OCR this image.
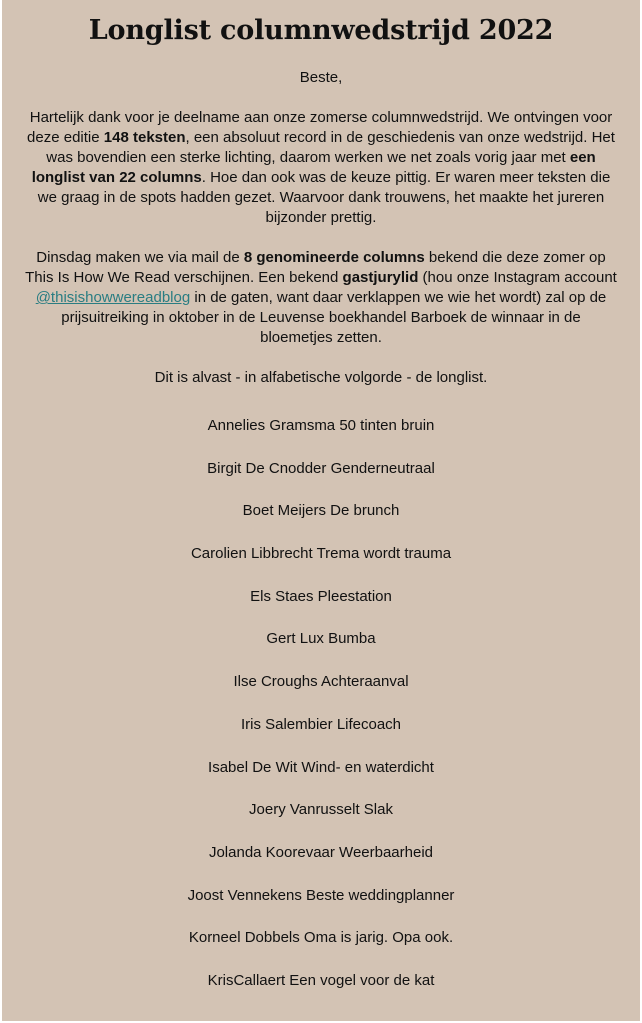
Longlist columnwedstrijd 2022

Beste,

Hartelijk dank voor je deelname aan onze zomerse columnwedstrijd. We ontvingen voor deze editie 148 teksten, een absoluut record in de geschiedenis van onze wedstrijd. Het was bovendien een sterke lichting, daarom werken we net zoals vorig jaar met een longlist van 22 columns. Hoe dan ook was de keuze pittig. Er waren meer teksten die we graag in de spots hadden gezet. Waarvoor dank trouwens, het maakte het jureren bijzonder prettig.

Dinsdag maken we via mail de 8 genomineerde columns bekend die deze zomer op This Is How We Read verschijnen. Een bekend gastjurylid (hou onze Instagram account @thisishowwereadblog in de gaten, want daar verklappen we wie het wordt) zal op de prijsuitreiking in oktober in de Leuvense boekhandel Barboek de winnaar in de bloemetjes zetten.

Dit is alvast - in alfabetische volgorde - de longlist.

Annelies Gramsma 50 tinten bruin
Birgit De Cnodder Genderneutraal
Boet Meijers De brunch
Carolien Libbrecht Trema wordt trauma
Els Staes Pleestation
Gert Lux Bumba
Ilse Croughs Achteraanval
Iris Salembier Lifecoach
Isabel De Wit Wind- en waterdicht
Joery Vanrusselt Slak
Jolanda Koorevaar Weerbaarheid
Joost Vennekens Beste weddingplanner
Korneel Dobbels Oma is jarig. Opa ook.
KrisCallaert Een vogel voor de kat
